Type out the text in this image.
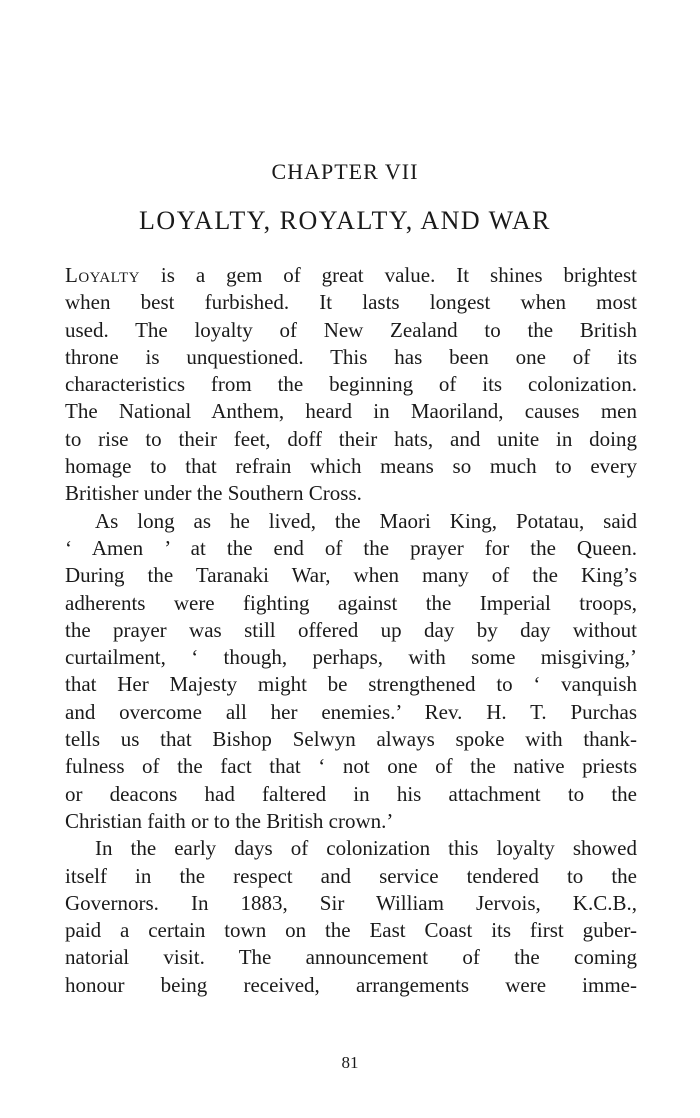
CHAPTER VII
LOYALTY, ROYALTY, AND WAR
Loyalty is a gem of great value. It shines brightest
when best furbished. It lasts longest when most
used. The loyalty of New Zealand to the British
throne is unquestioned. This has been one of its
characteristics from the beginning of its colonization.
The National Anthem, heard in Maoriland, causes men
to rise to their feet, doff their hats, and unite in doing
homage to that refrain which means so much to every
Britisher under the Southern Cross.
As long as he lived, the Maori King, Potatau, said
‘ Amen ’ at the end of the prayer for the Queen.
During the Taranaki War, when many of the King’s
adherents were fighting against the Imperial troops,
the prayer was still offered up day by day without
curtailment, ‘ though, perhaps, with some misgiving,’
that Her Majesty might be strengthened to ‘ vanquish
and overcome all her enemies.’ Rev. H. T. Purchas
tells us that Bishop Selwyn always spoke with thank-
fulness of the fact that ‘ not one of the native priests
or deacons had faltered in his attachment to the
Christian faith or to the British crown.’
In the early days of colonization this loyalty showed
itself in the respect and service tendered to the
Governors. In 1883, Sir William Jervois, K.C.B.,
paid a certain town on the East Coast its first guber-
natorial visit. The announcement of the coming
honour being received, arrangements were imme-
81
